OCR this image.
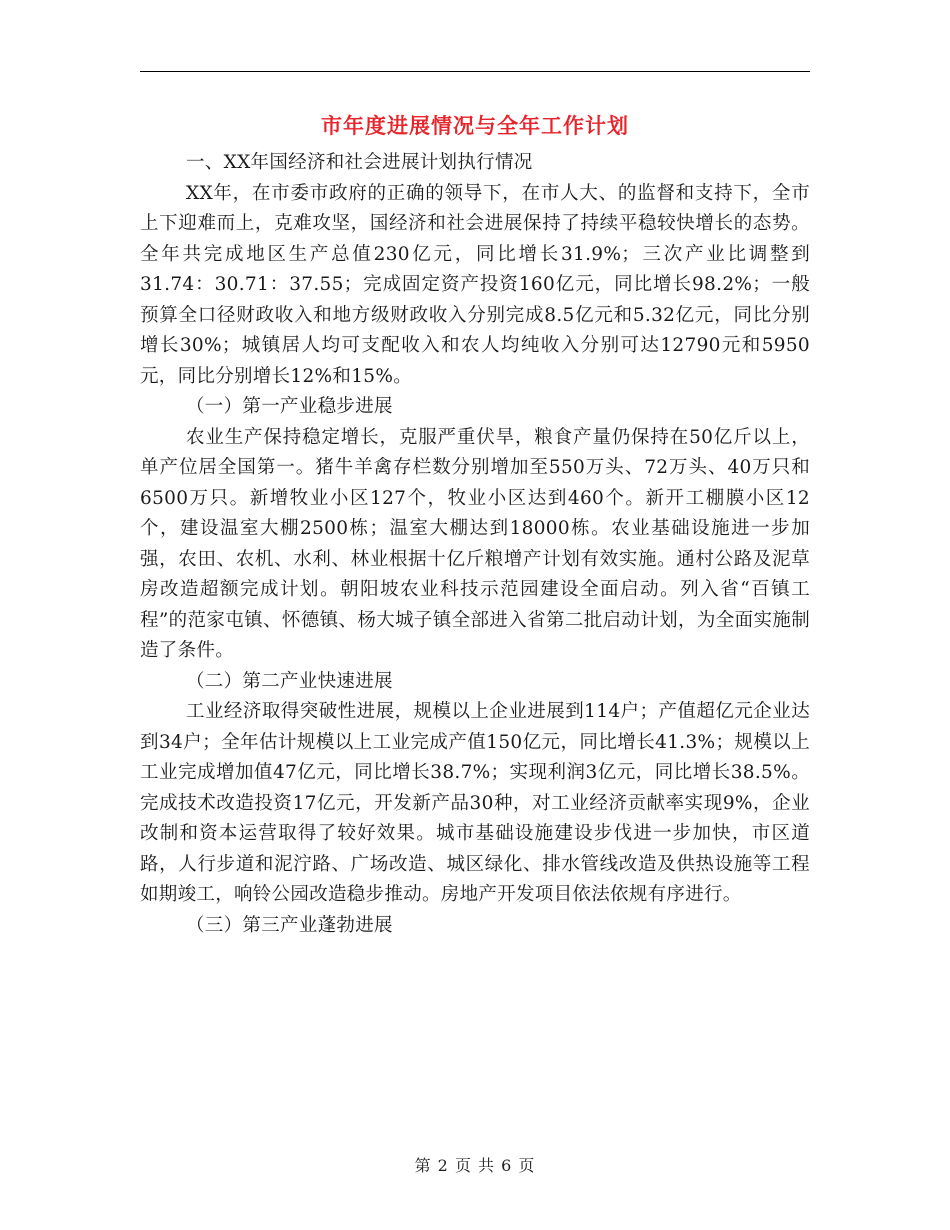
市年度进展情况与全年工作计划

一、XX年国经济和社会进展计划执行情况

XX年，在市委市政府的正确的领导下，在市人大、的监督和支持下，全市上下迎难而上，克难攻坚，国经济和社会进展保持了持续平稳较快增长的态势。全年共完成地区生产总值230亿元，同比增长31.9%；三次产业比调整到31.74：30.71：37.55；完成固定资产投资160亿元，同比增长98.2%；一般预算全口径财政收入和地方级财政收入分别完成8.5亿元和5.32亿元，同比分别增长30%；城镇居人均可支配收入和农人均纯收入分别可达12790元和5950元，同比分别增长12%和15%。

（一）第一产业稳步进展

农业生产保持稳定增长，克服严重伏旱，粮食产量仍保持在50亿斤以上，单产位居全国第一。猪牛羊禽存栏数分别增加至550万头、72万头、40万只和6500万只。新增牧业小区127个，牧业小区达到460个。新开工棚膜小区12个，建设温室大棚2500栋；温室大棚达到18000栋。农业基础设施进一步加强，农田、农机、水利、林业根据十亿斤粮增产计划有效实施。通村公路及泥草房改造超额完成计划。朝阳坡农业科技示范园建设全面启动。列入省“百镇工程”的范家屯镇、怀德镇、杨大城子镇全部进入省第二批启动计划，为全面实施制造了条件。

（二）第二产业快速进展

工业经济取得突破性进展，规模以上企业进展到114户；产值超亿元企业达到34户；全年估计规模以上工业完成产值150亿元，同比增长41.3%；规模以上工业完成增加值47亿元，同比增长38.7%；实现利润3亿元，同比增长38.5%。完成技术改造投资17亿元，开发新产品30种，对工业经济贡献率实现9%，企业改制和资本运营取得了较好效果。城市基础设施建设步伐进一步加快，市区道路，人行步道和泥泞路、广场改造、城区绿化、排水管线改造及供热设施等工程如期竣工，响铃公园改造稳步推动。房地产开发项目依法依规有序进行。

（三）第三产业蓬勃进展

第 2 页 共 6 页
